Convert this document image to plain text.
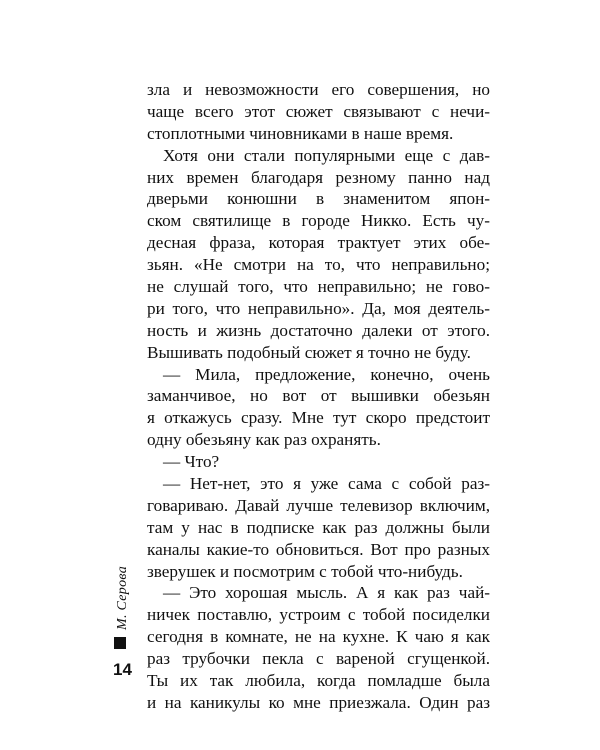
зла и невозможности его совершения, но
чаще всего этот сюжет связывают с нечи-
стоплотными чиновниками в наше время.
Хотя они стали популярными еще с дав-
них времен благодаря резному панно над
дверьми конюшни в знаменитом япон-
ском святилище в городе Никко. Есть чу-
десная фраза, которая трактует этих обе-
зьян. «Не смотри на то, что неправильно;
не слушай того, что неправильно; не гово-
ри того, что неправильно». Да, моя деятель-
ность и жизнь достаточно далеки от этого.
Вышивать подобный сюжет я точно не буду.
— Мила, предложение, конечно, очень
заманчивое, но вот от вышивки обезьян
я откажусь сразу. Мне тут скоро предстоит
одну обезьяну как раз охранять.
— Что?
— Нет-нет, это я уже сама с собой раз-
говариваю. Давай лучше телевизор включим,
там у нас в подписке как раз должны были
каналы какие-то обновиться. Вот про разных
зверушек и посмотрим с тобой что-нибудь.
— Это хорошая мысль. А я как раз чай-
ничек поставлю, устроим с тобой посиделки
сегодня в комнате, не на кухне. К чаю я как
раз трубочки пекла с вареной сгущенкой.
Ты их так любила, когда помладше была
и на каникулы ко мне приезжала. Один раз
М. Серова
14
